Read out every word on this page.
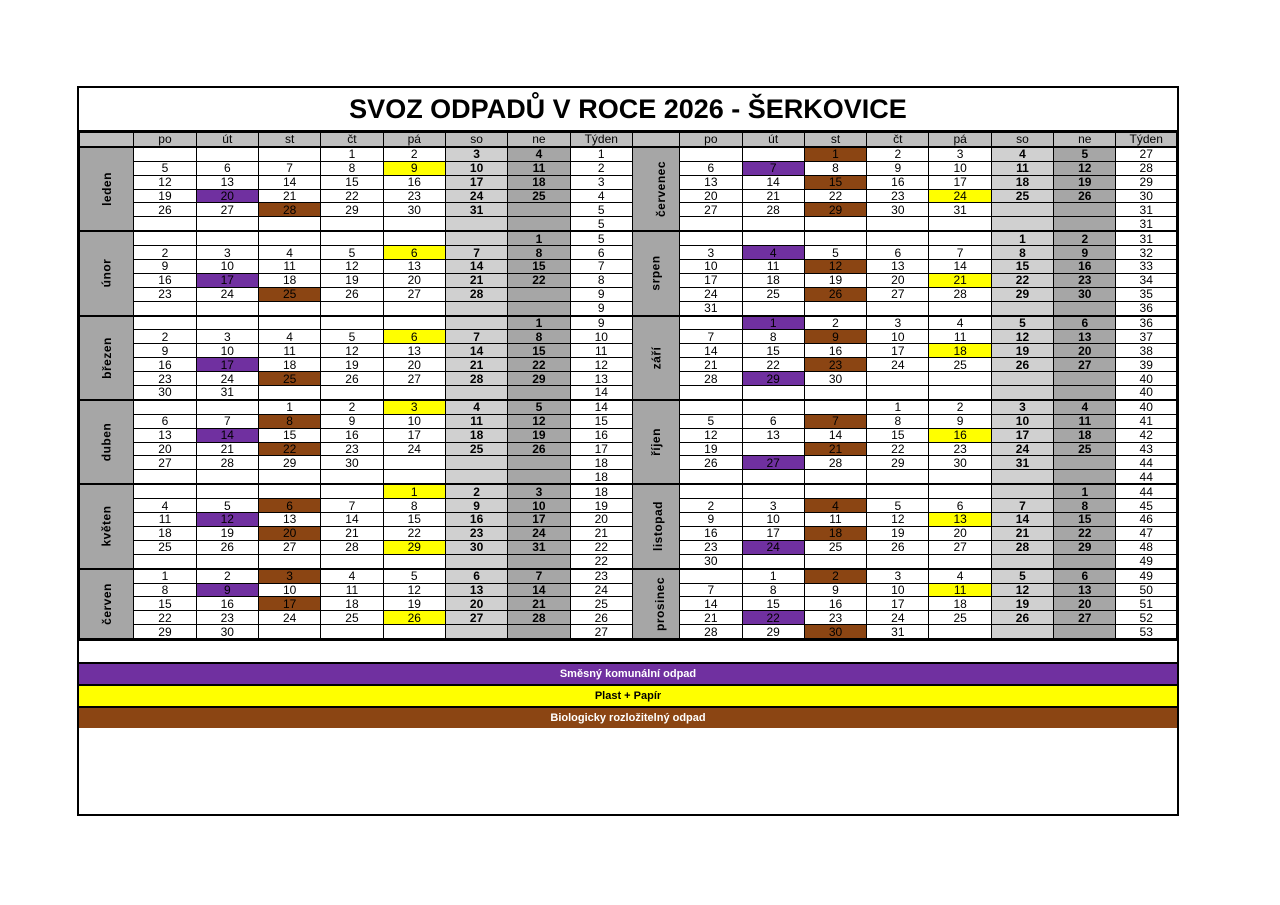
SVOZ ODPADŮ V ROCE 2026 - ŠERKOVICE
	po	út	st	čt	pá	so	ne	Týden		po	út	st	čt	pá	so	ne	Týden
leden				1	2	3	4	1	červenec			1	2	3	4	5	27
	5	6	7	8	9	10	11	2		6	7	8	9	10	11	12	28
	12	13	14	15	16	17	18	3		13	14	15	16	17	18	19	29
	19	20	21	22	23	24	25	4		20	21	22	23	24	25	26	30
	26	27	28	29	30	31		5		27	28	29	30	31			31
								5									31
únor							1	5	srpen						1	2	31
	2	3	4	5	6	7	8	6		3	4	5	6	7	8	9	32
	9	10	11	12	13	14	15	7		10	11	12	13	14	15	16	33
	16	17	18	19	20	21	22	8		17	18	19	20	21	22	23	34
	23	24	25	26	27	28		9		24	25	26	27	28	29	30	35
								9		31							36
březen							1	9	září		1	2	3	4	5	6	36
	2	3	4	5	6	7	8	10		7	8	9	10	11	12	13	37
	9	10	11	12	13	14	15	11		14	15	16	17	18	19	20	38
	16	17	18	19	20	21	22	12		21	22	23	24	25	26	27	39
	23	24	25	26	27	28	29	13		28	29	30					40
	30	31						14									40
duben			1	2	3	4	5	14	říjen				1	2	3	4	40
	6	7	8	9	10	11	12	15		5	6	7	8	9	10	11	41
	13	14	15	16	17	18	19	16		12	13	14	15	16	17	18	42
	20	21	22	23	24	25	26	17		19		21	22	23	24	25	43
	27	28	29	30				18		26	27	28	29	30	31		44
								18									44
květen					1	2	3	18	listopad							1	44
	4	5	6	7	8	9	10	19		2	3	4	5	6	7	8	45
	11	12	13	14	15	16	17	20		9	10	11	12	13	14	15	46
	18	19	20	21	22	23	24	21		16	17	18	19	20	21	22	47
	25	26	27	28	29	30	31	22		23	24	25	26	27	28	29	48
								22		30							49
červen	1	2	3	4	5	6	7	23	prosinec		1	2	3	4	5	6	49
	8	9	10	11	12	13	14	24		7	8	9	10	11	12	13	50
	15	16	17	18	19	20	21	25		14	15	16	17	18	19	20	51
	22	23	24	25	26	27	28	26		21	22	23	24	25	26	27	52
	29	30						27		28	29	30	31				53
Směsný komunální odpad
Plast + Papír
Biologicky rozložitelný odpad
